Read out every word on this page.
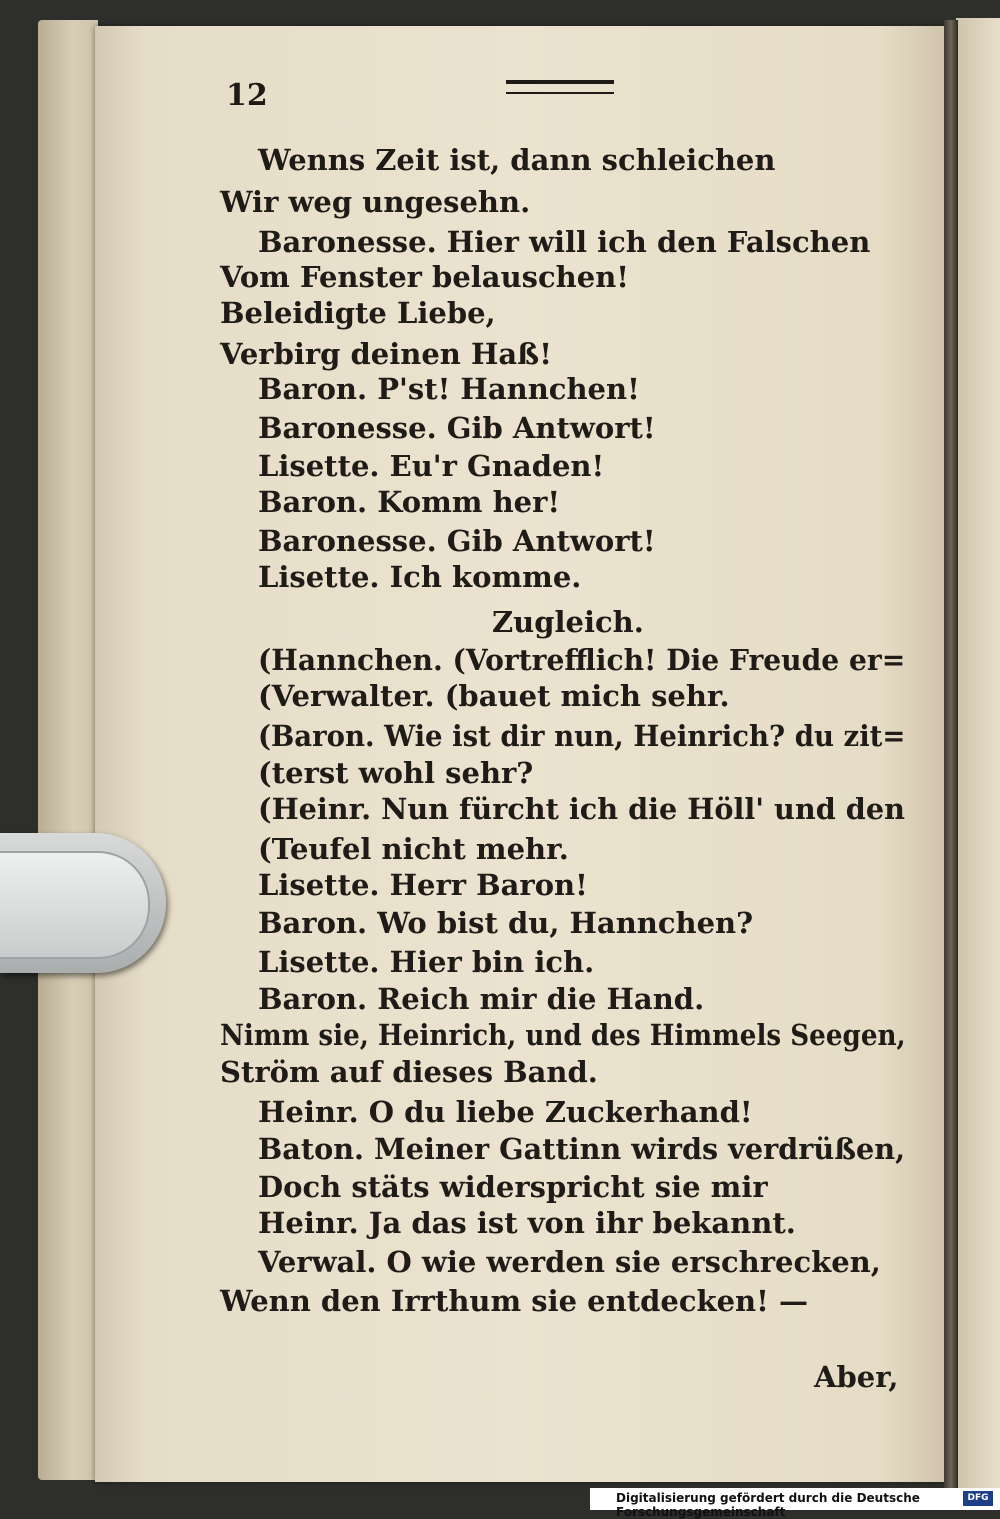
12
Wenns Zeit ist, dann schleichen
Wir weg ungesehn.
Baronesse. Hier will ich den Falschen
Vom Fenster belauschen!
Beleidigte Liebe,
Verbirg deinen Haß!
Baron. P'st! Hannchen!
Baronesse. Gib Antwort!
Lisette. Eu'r Gnaden!
Baron. Komm her!
Baronesse. Gib Antwort!
Lisette. Ich komme.
Zugleich.
(Hannchen. (Vortrefflich! Die Freude er=
(Verwalter. (bauet mich sehr.
(Baron. Wie ist dir nun, Heinrich? du zit=
(terst wohl sehr?
(Heinr. Nun fürcht ich die Höll' und den
(Teufel nicht mehr.
Lisette. Herr Baron!
Baron. Wo bist du, Hannchen?
Lisette. Hier bin ich.
Baron. Reich mir die Hand.
Nimm sie, Heinrich, und des Himmels Seegen,
Ström auf dieses Band.
Heinr. O du liebe Zuckerhand!
Baton. Meiner Gattinn wirds verdrüßen,
Doch stäts widerspricht sie mir
Heinr. Ja das ist von ihr bekannt.
Verwal. O wie werden sie erschrecken,
Wenn den Irrthum sie entdecken! —
Aber,
Digitalisierung gefördert durch die Deutsche Forschungsgemeinschaft
DFG
